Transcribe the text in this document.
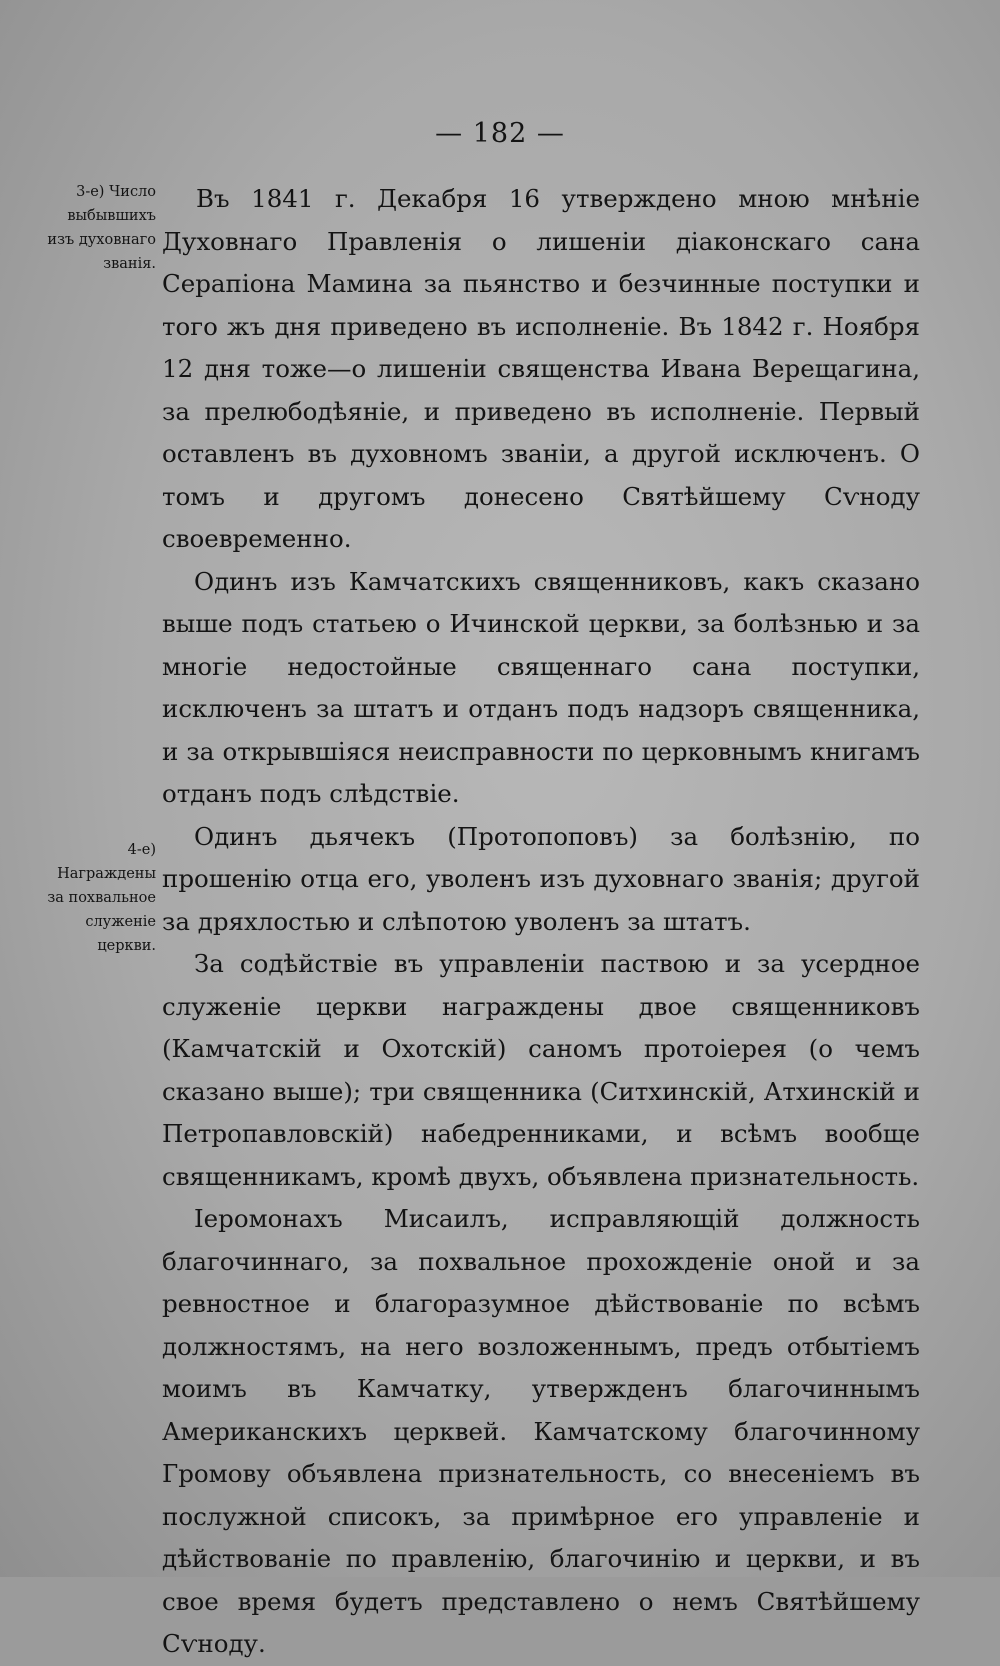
— 182 —
3-е) Число выбывшихъ изъ духовнаго званія.
4-е) Награждены за похвальное служеніе церкви.

Въ 1841 г. Декабря 16 утверждено мною мнѣніе Духовнаго Правленія о лишеніи діаконскаго сана Серапіона Мамина за пьянство и безчинные поступки и того жъ дня приведено въ исполненіе. Въ 1842 г. Ноября 12 дня тоже—о лишеніи священства Ивана Верещагина, за прелюбодѣяніе, и приведено въ исполненіе. Первый оставленъ въ духовномъ званіи, а другой исключенъ. О томъ и другомъ донесено Святѣйшему Сѵноду своевременно.

Одинъ изъ Камчатскихъ священниковъ, какъ сказано выше подъ статьею о Ичинской церкви, за болѣзнью и за многіе недостойные священнаго сана поступки, исключенъ за штатъ и отданъ подъ надзоръ священника, и за открывшіяся неисправности по церковнымъ книгамъ отданъ подъ слѣдствіе.

Одинъ дьячекъ (Протопоповъ) за болѣзнію, по прошенію отца его, уволенъ изъ духовнаго званія; другой за дряхлостью и слѣпотою уволенъ за штатъ.

За содѣйствіе въ управленіи паствою и за усердное служеніе церкви награждены двое священниковъ (Камчатскій и Охотскій) саномъ протоіерея (о чемъ сказано выше); три священника (Ситхинскій, Атхинскій и Петропавловскій) набедренниками, и всѣмъ вообще священникамъ, кромѣ двухъ, объявлена признательность.

Іеромонахъ Мисаилъ, исправляющій должность благочиннаго, за похвальное прохожденіе оной и за ревностное и благоразумное дѣйствованіе по всѣмъ должностямъ, на него возложеннымъ, предъ отбытіемъ моимъ въ Камчатку, утвержденъ благочиннымъ Американскихъ церквей. Камчатскому благочинному Громову объявлена признательность, со внесеніемъ въ послужной списокъ, за примѣрное его управленіе и дѣйствованіе по правленію, благочинію и церкви, и въ свое время будетъ представлено о немъ Святѣйшему Сѵноду.
